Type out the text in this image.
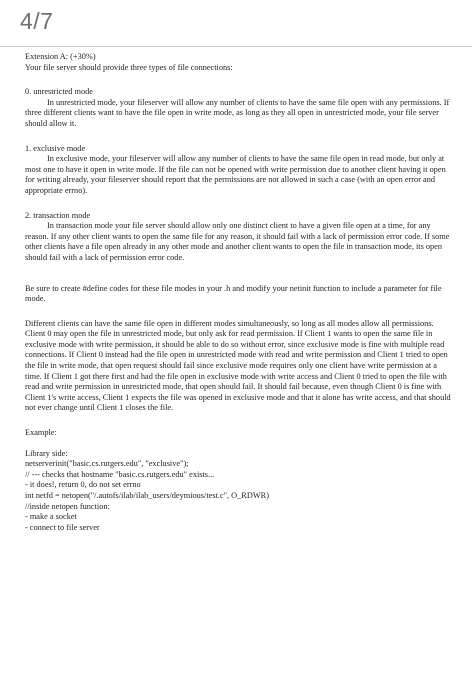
4/7

Extension A: (+30%)

Your file server should provide three types of file connections:

0. unrestricted mode

In unrestricted mode, your fileserver will allow any number of clients to have the same file open with any permissions. If three different clients want to have the file open in write mode, as long as they all open in unrestricted mode, your file server should allow it.

1. exclusive mode

In exclusive mode, your fileserver will allow any number of clients to have the same file open in read mode, but only at most one to have it open in write mode. If the file can not be opened with write permission due to another client having it open for writing already, your fileserver should report that the permissions are not allowed in such a case (with an open error and appropriate errno).

2. transaction mode

In transaction mode your file server should allow only one distinct client to have a given file open at a time, for any reason. If any other client wants to open the same file for any reason, it should fail with a lack of permission error code. If some other clients have a file open already in any other mode and another client wants to open the file in transaction mode, its open should fail with a lack of permission error code.

Be sure to create #define codes for these file modes in your .h and modify your netinit function to include a parameter for file mode.

Different clients can have the same file open in different modes simultaneously, so long as all modes allow all permissions. Client 0 may open the file in unrestricted mode, but only ask for read permission. If Client 1 wants to open the same file in exclusive mode with write permission, it should be able to do so without error, since exclusive mode is fine with multiple read connections. If Client 0 instead had the file open in unrestricted mode with read and write permission and Client 1 tried to open the file in write mode, that open request should fail since exclusive mode requires only one client have write permission at a time. If Client 1 got there first and had the file open in exclusive mode with write access and Client 0 tried to open the file with read and write permission in unrestricted mode, that open should fail. It should fail because, even though Client 0 is fine with Client 1's write access, Client 1 expects the file was opened in exclusive mode and that it alone has write access, and that should not ever change until Client 1 closes the file.

Example:

Library side:

netserverinit("basic.cs.rutgers.edu", "exclusive");

// --- checks that hostname "basic.cs.rutgers.edu" exists...

- it does!, return 0, do not set errno

int netfd = netopen("/.autofs/ilab/ilab_users/deymious/test.c", O_RDWR)

//inside netopen function:

- make a socket

- connect to file server
